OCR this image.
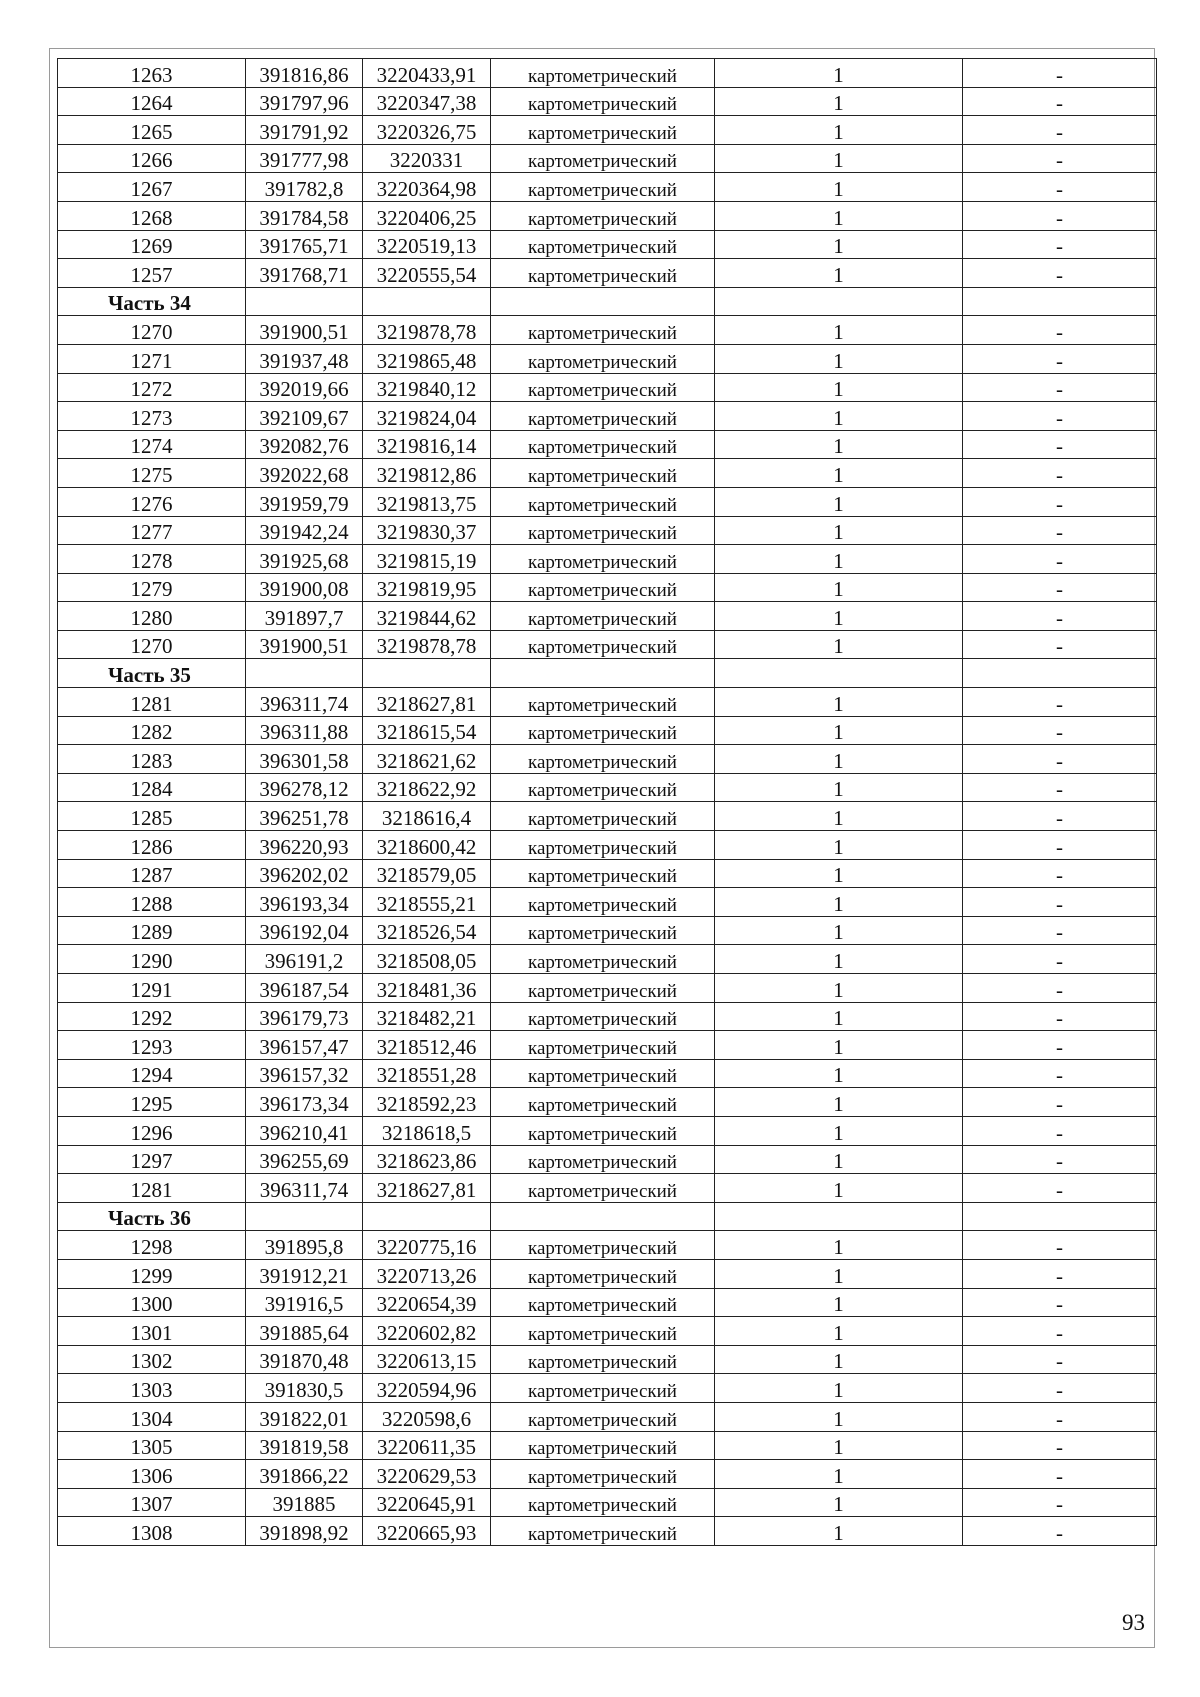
1263	391816,86	3220433,91	картометрический	1	-
1264	391797,96	3220347,38	картометрический	1	-
1265	391791,92	3220326,75	картометрический	1	-
1266	391777,98	3220331	картометрический	1	-
1267	391782,8	3220364,98	картометрический	1	-
1268	391784,58	3220406,25	картометрический	1	-
1269	391765,71	3220519,13	картометрический	1	-
1257	391768,71	3220555,54	картометрический	1	-
Часть 34					
1270	391900,51	3219878,78	картометрический	1	-
1271	391937,48	3219865,48	картометрический	1	-
1272	392019,66	3219840,12	картометрический	1	-
1273	392109,67	3219824,04	картометрический	1	-
1274	392082,76	3219816,14	картометрический	1	-
1275	392022,68	3219812,86	картометрический	1	-
1276	391959,79	3219813,75	картометрический	1	-
1277	391942,24	3219830,37	картометрический	1	-
1278	391925,68	3219815,19	картометрический	1	-
1279	391900,08	3219819,95	картометрический	1	-
1280	391897,7	3219844,62	картометрический	1	-
1270	391900,51	3219878,78	картометрический	1	-
Часть 35					
1281	396311,74	3218627,81	картометрический	1	-
1282	396311,88	3218615,54	картометрический	1	-
1283	396301,58	3218621,62	картометрический	1	-
1284	396278,12	3218622,92	картометрический	1	-
1285	396251,78	3218616,4	картометрический	1	-
1286	396220,93	3218600,42	картометрический	1	-
1287	396202,02	3218579,05	картометрический	1	-
1288	396193,34	3218555,21	картометрический	1	-
1289	396192,04	3218526,54	картометрический	1	-
1290	396191,2	3218508,05	картометрический	1	-
1291	396187,54	3218481,36	картометрический	1	-
1292	396179,73	3218482,21	картометрический	1	-
1293	396157,47	3218512,46	картометрический	1	-
1294	396157,32	3218551,28	картометрический	1	-
1295	396173,34	3218592,23	картометрический	1	-
1296	396210,41	3218618,5	картометрический	1	-
1297	396255,69	3218623,86	картометрический	1	-
1281	396311,74	3218627,81	картометрический	1	-
Часть 36					
1298	391895,8	3220775,16	картометрический	1	-
1299	391912,21	3220713,26	картометрический	1	-
1300	391916,5	3220654,39	картометрический	1	-
1301	391885,64	3220602,82	картометрический	1	-
1302	391870,48	3220613,15	картометрический	1	-
1303	391830,5	3220594,96	картометрический	1	-
1304	391822,01	3220598,6	картометрический	1	-
1305	391819,58	3220611,35	картометрический	1	-
1306	391866,22	3220629,53	картометрический	1	-
1307	391885	3220645,91	картометрический	1	-
1308	391898,92	3220665,93	картометрический	1	-
93
